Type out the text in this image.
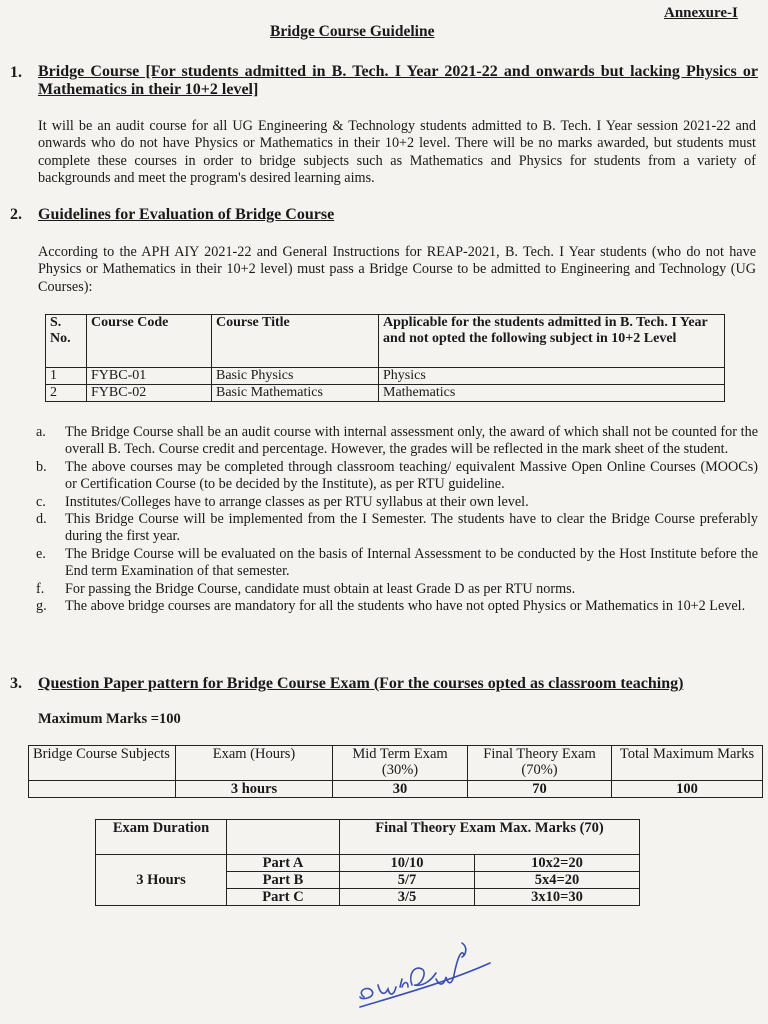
Annexure-I
Bridge Course Guideline
1. Bridge Course [For students admitted in B. Tech. I Year 2021-22 and onwards but lacking Physics or Mathematics in their 10+2 level]
It will be an audit course for all UG Engineering & Technology students admitted to B. Tech. I Year session 2021-22 and onwards who do not have Physics or Mathematics in their 10+2 level. There will be no marks awarded, but students must complete these courses in order to bridge subjects such as Mathematics and Physics for students from a variety of backgrounds and meet the program's desired learning aims.
2. Guidelines for Evaluation of Bridge Course
According to the APH AIY 2021-22 and General Instructions for REAP-2021, B. Tech. I Year students (who do not have Physics or Mathematics in their 10+2 level) must pass a Bridge Course to be admitted to Engineering and Technology (UG Courses):
S. No.	Course Code	Course Title	Applicable for the students admitted in B. Tech. I Year and not opted the following subject in 10+2 Level
1	FYBC-01	Basic Physics	Physics
2	FYBC-02	Basic Mathematics	Mathematics
a.	The Bridge Course shall be an audit course with internal assessment only, the award of which shall not be counted for the overall B. Tech. Course credit and percentage. However, the grades will be reflected in the mark sheet of the student.
b.	The above courses may be completed through classroom teaching/ equivalent Massive Open Online Courses (MOOCs) or Certification Course (to be decided by the Institute), as per RTU guideline.
c.	Institutes/Colleges have to arrange classes as per RTU syllabus at their own level.
d.	This Bridge Course will be implemented from the I Semester. The students have to clear the Bridge Course preferably during the first year.
e.	The Bridge Course will be evaluated on the basis of Internal Assessment to be conducted by the Host Institute before the End term Examination of that semester.
f.	For passing the Bridge Course, candidate must obtain at least Grade D as per RTU norms.
g.	The above bridge courses are mandatory for all the students who have not opted Physics or Mathematics in 10+2 Level.
3. Question Paper pattern for Bridge Course Exam (For the courses opted as classroom teaching)
Maximum Marks =100
Bridge Course Subjects	Exam (Hours)	Mid Term Exam (30%)	Final Theory Exam (70%)	Total Maximum Marks
	3 hours	30	70	100
Exam Duration		Final Theory Exam Max. Marks (70)	
3 Hours	Part A	10/10	10x2=20
	Part B	5/7	5x4=20
	Part C	3/5	3x10=30
